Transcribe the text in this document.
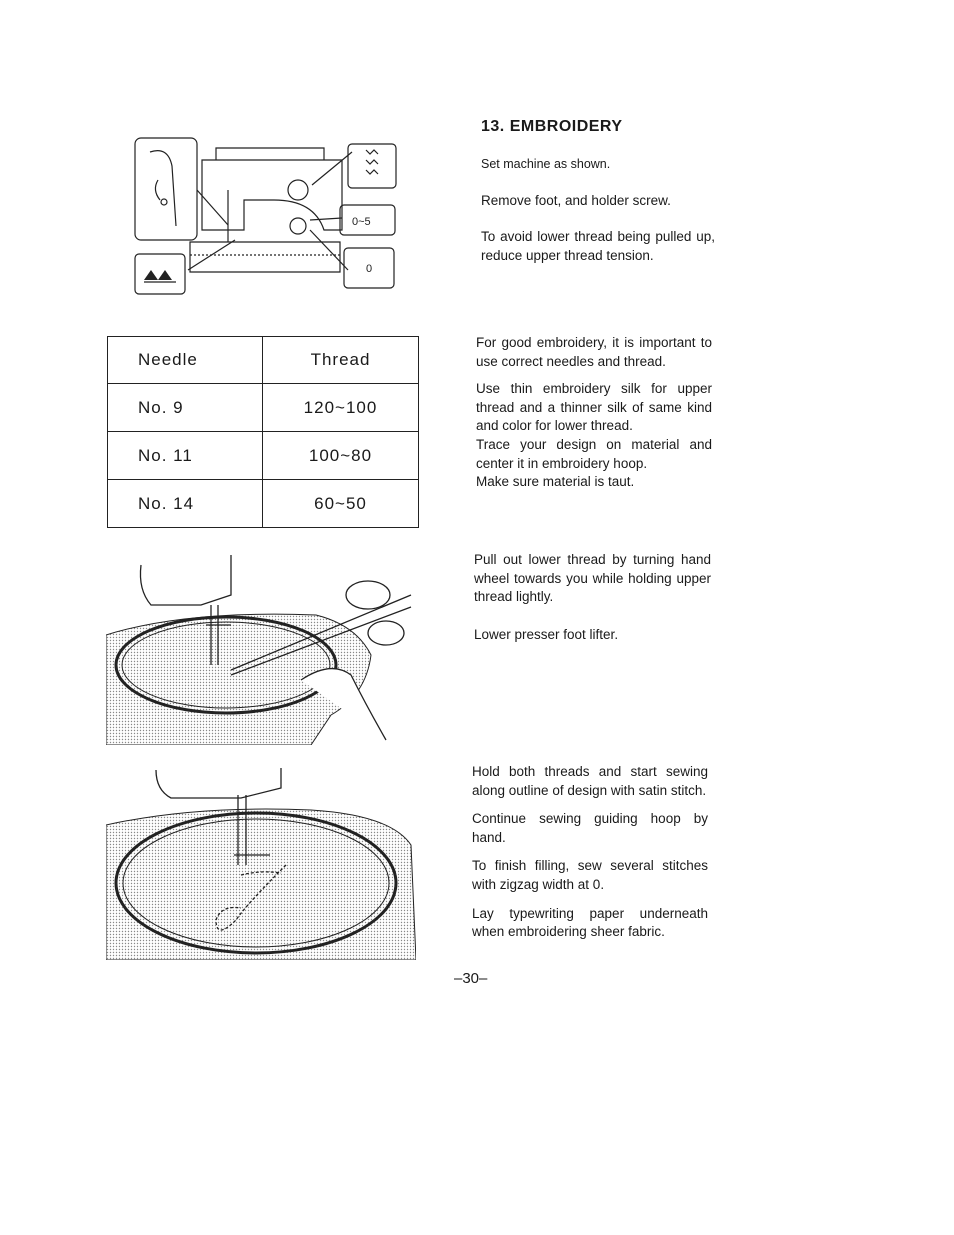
13. EMBROIDERY
0~5
0

Set machine as shown.

Remove foot, and holder screw.

To avoid lower thread being pulled up, reduce upper thread tension.

Needle	Thread
No. 9	120~100
No. 11	100~80
No. 14	60~50

For good embroidery, it is important to use correct needles and thread.

Use thin embroidery silk for upper thread and a thinner silk of same kind and color for lower thread.

Trace your design on material and center it in embroidery hoop.

Make sure material is taut.

Pull out lower thread by turning hand wheel towards you while holding upper thread lightly.

Lower presser foot lifter.

Hold both threads and start sewing along outline of design with satin stitch.

Continue sewing guiding hoop by hand.

To finish filling, sew several stitches with zigzag width at 0.

Lay typewriting paper underneath when embroidering sheer fabric.

–30–
